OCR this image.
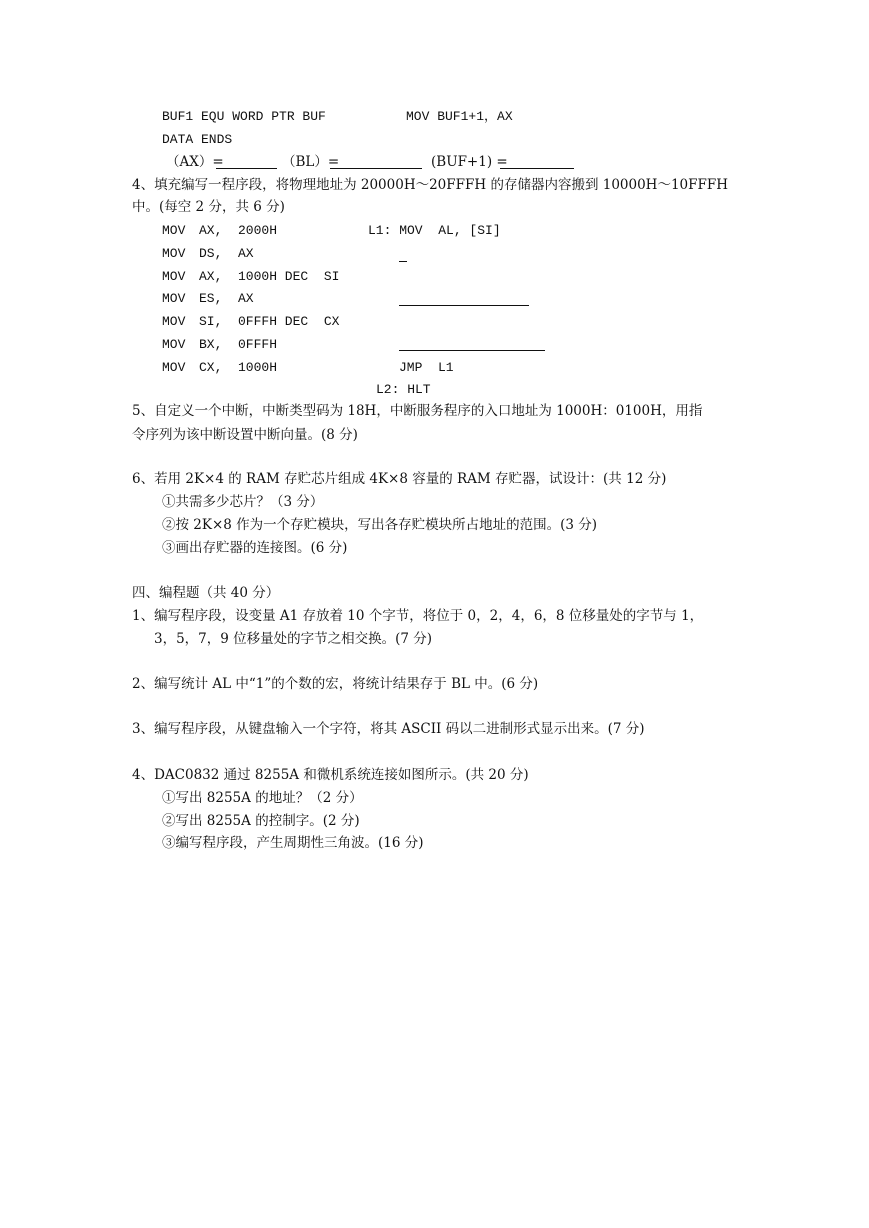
BUF1 EQU WORD PTR BUF	MOV BUF1+1，AX
DATA ENDS
（AX）=	（BL）=	(BUF+1) =
4、填充编写一程序段，将物理地址为 20000H～20FFFH 的存储器内容搬到 10000H～10FFFH
中。(每空 2 分，共 6 分)
MOV AX, 2000H	L1: MOV  AL, [SI]
MOV DS, AX
MOV AX, 1000H DEC  SI
MOV ES, AX
MOV SI, 0FFFH DEC  CX
MOV BX, 0FFFH
MOV CX, 1000H	JMP  L1
L2: HLT
5、自定义一个中断，中断类型码为 18H，中断服务程序的入口地址为 1000H：0100H，用指
令序列为该中断设置中断向量。(8 分)
6、若用 2K×4 的 RAM 存贮芯片组成 4K×8 容量的 RAM 存贮器，试设计：(共 12 分)
①共需多少芯片？（3 分）
②按 2K×8 作为一个存贮模块，写出各存贮模块所占地址的范围。(3 分)
③画出存贮器的连接图。(6 分)
四、编程题（共 40 分）
1、编写程序段，设变量 A1 存放着 10 个字节，将位于 0，2，4，6，8 位移量处的字节与 1，
3，5，7，9 位移量处的字节之相交换。(7 分)
2、编写统计 AL 中“1”的个数的宏，将统计结果存于 BL 中。(6 分)
3、编写程序段，从键盘输入一个字符，将其 ASCII 码以二进制形式显示出来。(7 分)
4、DAC0832 通过 8255A 和微机系统连接如图所示。(共 20 分)
①写出 8255A 的地址？（2 分）
②写出 8255A 的控制字。(2 分)
③编写程序段，产生周期性三角波。(16 分)
